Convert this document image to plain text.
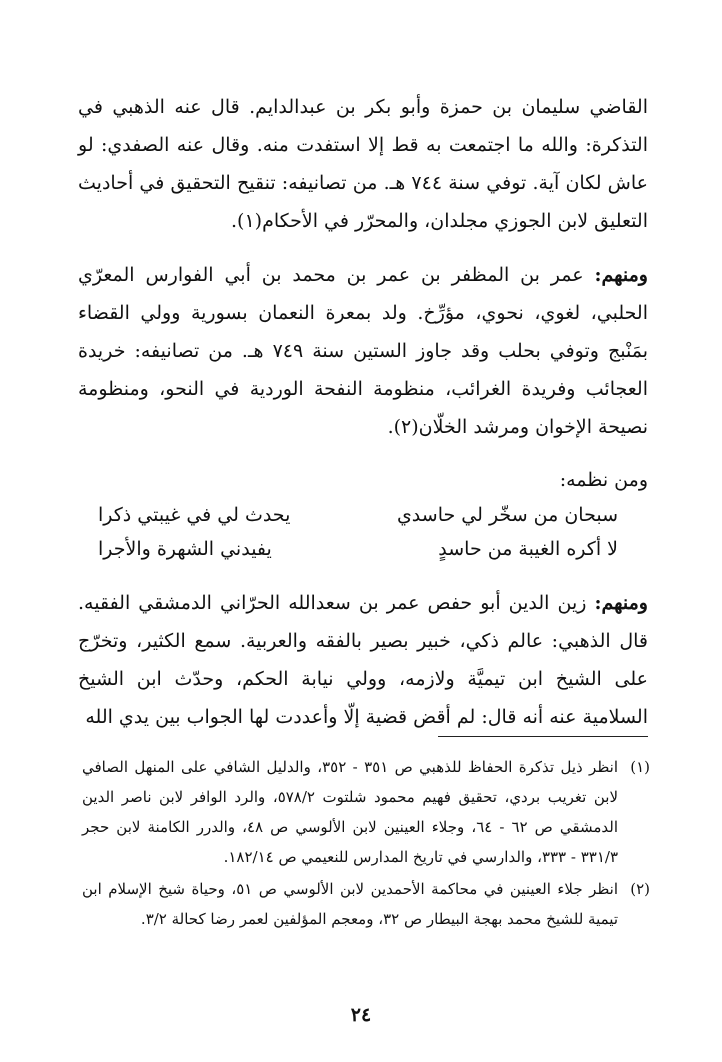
القاضي سليمان بن حمزة وأبو بكر بن عبدالدايم. قال عنه الذهبي في التذكرة: والله ما اجتمعت به قط إلا استفدت منه. وقال عنه الصفدي: لو عاش لكان آية. توفي سنة ٧٤٤ هـ. من تصانيفه: تنقيح التحقيق في أحاديث التعليق لابن الجوزي مجلدان، والمحرّر في الأحكام(١).

ومنهم: عمر بن المظفر بن عمر بن محمد بن أبي الفوارس المعرّي الحلبي، لغوي، نحوي، مؤرِّخ. ولد بمعرة النعمان بسورية وولي القضاء بمَنْبج وتوفي بحلب وقد جاوز الستين سنة ٧٤٩ هـ. من تصانيفه: خريدة العجائب وفريدة الغرائب، منظومة النفحة الوردية في النحو، ومنظومة نصيحة الإخوان ومرشد الخلّان(٢).

ومن نظمه:

سبحان من سخّر لي حاسدي
يحدث لي في غيبتي ذكرا
لا أكره الغيبة من حاسدٍ
يفيدني الشهرة والأجرا

ومنهم: زين الدين أبو حفص عمر بن سعدالله الحرّاني الدمشقي الفقيه. قال الذهبي: عالم ذكي، خبير بصير بالفقه والعربية. سمع الكثير، وتخرّج على الشيخ ابن تيميَّة ولازمه، وولي نيابة الحكم، وحدّث ابن الشيخ السلامية عنه أنه قال: لم أقض قضية إلّا وأعددت لها الجواب بين يدي الله

(١)
انظر ذيل تذكرة الحفاظ للذهبي ص ٣٥١ - ٣٥٢، والدليل الشافي على المنهل الصافي لابن تغريب بردي، تحقيق فهيم محمود شلتوت ٥٧٨/٢، والرد الوافر لابن ناصر الدين الدمشقي ص ٦٢ - ٦٤، وجلاء العينين لابن الألوسي ص ٤٨، والدرر الكامنة لابن حجر ٣٣١/٣ - ٣٣٣، والدارسي في تاريخ المدارس للنعيمي ص ١٨٢/١٤.
(٢)
انظر جلاء العينين في محاكمة الأحمدين لابن الألوسي ص ٥١، وحياة شيخ الإسلام ابن تيمية للشيخ محمد بهجة البيطار ص ٣٢، ومعجم المؤلفين لعمر رضا كحالة ٣/٢.
٢٤
